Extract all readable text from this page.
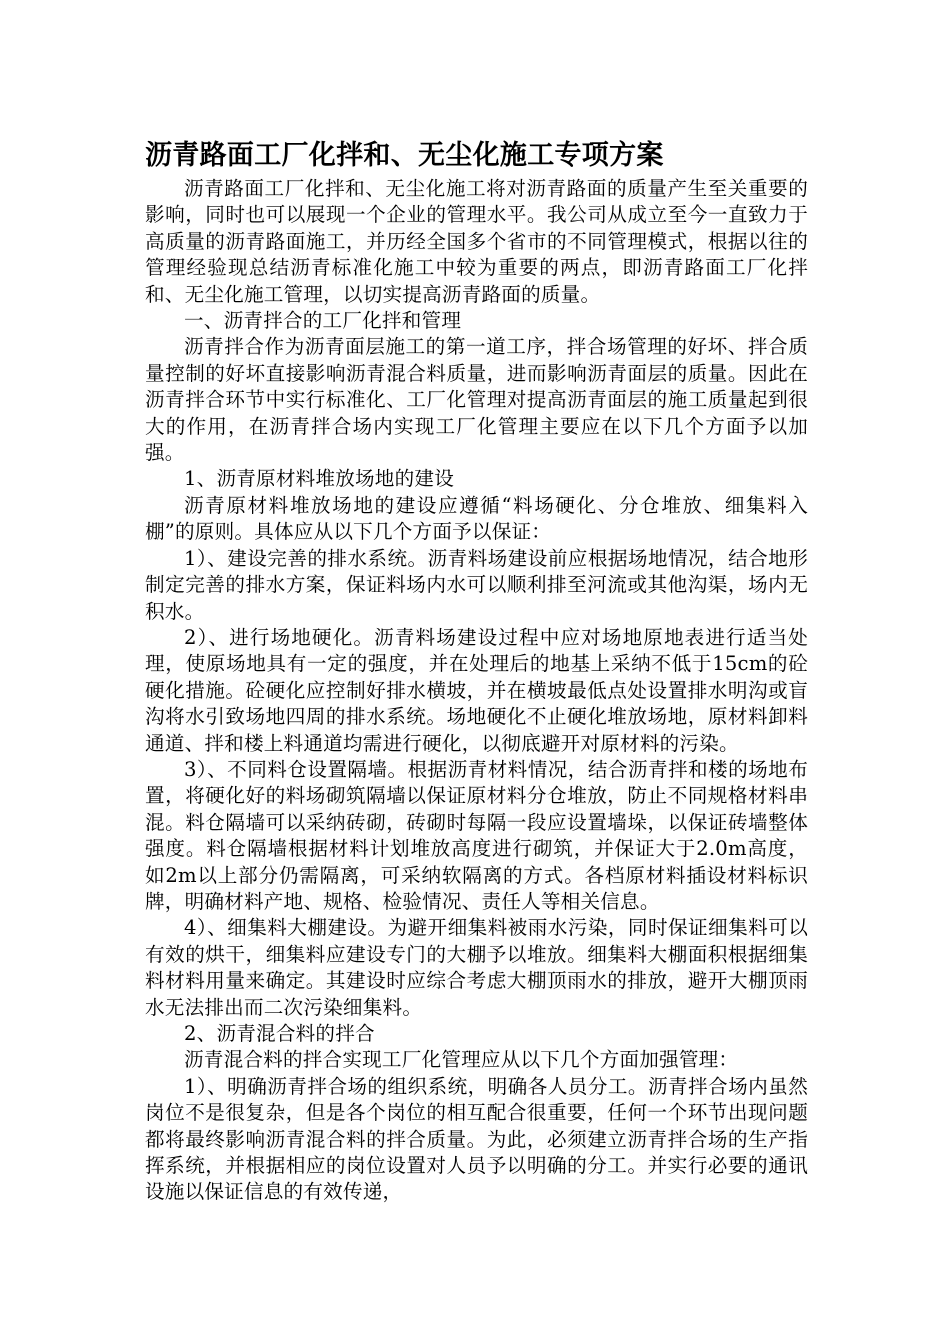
沥青路面工厂化拌和、无尘化施工专项方案

沥青路面工厂化拌和、无尘化施工将对沥青路面的质量产生至关重要的影响，同时也可以展现一个企业的管理水平。我公司从成立至今一直致力于高质量的沥青路面施工，并历经全国多个省市的不同管理模式，根据以往的管理经验现总结沥青标准化施工中较为重要的两点，即沥青路面工厂化拌和、无尘化施工管理，以切实提高沥青路面的质量。

一、沥青拌合的工厂化拌和管理

沥青拌合作为沥青面层施工的第一道工序，拌合场管理的好坏、拌合质量控制的好坏直接影响沥青混合料质量，进而影响沥青面层的质量。因此在沥青拌合环节中实行标准化、工厂化管理对提高沥青面层的施工质量起到很大的作用，在沥青拌合场内实现工厂化管理主要应在以下几个方面予以加强。

1、沥青原材料堆放场地的建设

沥青原材料堆放场地的建设应遵循“料场硬化、分仓堆放、细集料入棚”的原则。具体应从以下几个方面予以保证：

1）、建设完善的排水系统。沥青料场建设前应根据场地情况，结合地形制定完善的排水方案，保证料场内水可以顺利排至河流或其他沟渠，场内无积水。

2）、进行场地硬化。沥青料场建设过程中应对场地原地表进行适当处理，使原场地具有一定的强度，并在处理后的地基上采纳不低于15cm的砼硬化措施。砼硬化应控制好排水横坡，并在横坡最低点处设置排水明沟或盲沟将水引致场地四周的排水系统。场地硬化不止硬化堆放场地，原材料卸料通道、拌和楼上料通道均需进行硬化，以彻底避开对原材料的污染。

3）、不同料仓设置隔墙。根据沥青材料情况，结合沥青拌和楼的场地布置，将硬化好的料场砌筑隔墙以保证原材料分仓堆放，防止不同规格材料串混。料仓隔墙可以采纳砖砌，砖砌时每隔一段应设置墙垛，以保证砖墙整体强度。料仓隔墙根据材料计划堆放高度进行砌筑，并保证大于2.0m高度，如2m以上部分仍需隔离，可采纳软隔离的方式。各档原材料插设材料标识牌，明确材料产地、规格、检验情况、责任人等相关信息。

4）、细集料大棚建设。为避开细集料被雨水污染，同时保证细集料可以有效的烘干，细集料应建设专门的大棚予以堆放。细集料大棚面积根据细集料材料用量来确定。其建设时应综合考虑大棚顶雨水的排放，避开大棚顶雨水无法排出而二次污染细集料。

2、沥青混合料的拌合

沥青混合料的拌合实现工厂化管理应从以下几个方面加强管理：

1）、明确沥青拌合场的组织系统，明确各人员分工。沥青拌合场内虽然岗位不是很复杂，但是各个岗位的相互配合很重要，任何一个环节出现问题都将最终影响沥青混合料的拌合质量。为此，必须建立沥青拌合场的生产指挥系统，并根据相应的岗位设置对人员予以明确的分工。并实行必要的通讯设施以保证信息的有效传递，
